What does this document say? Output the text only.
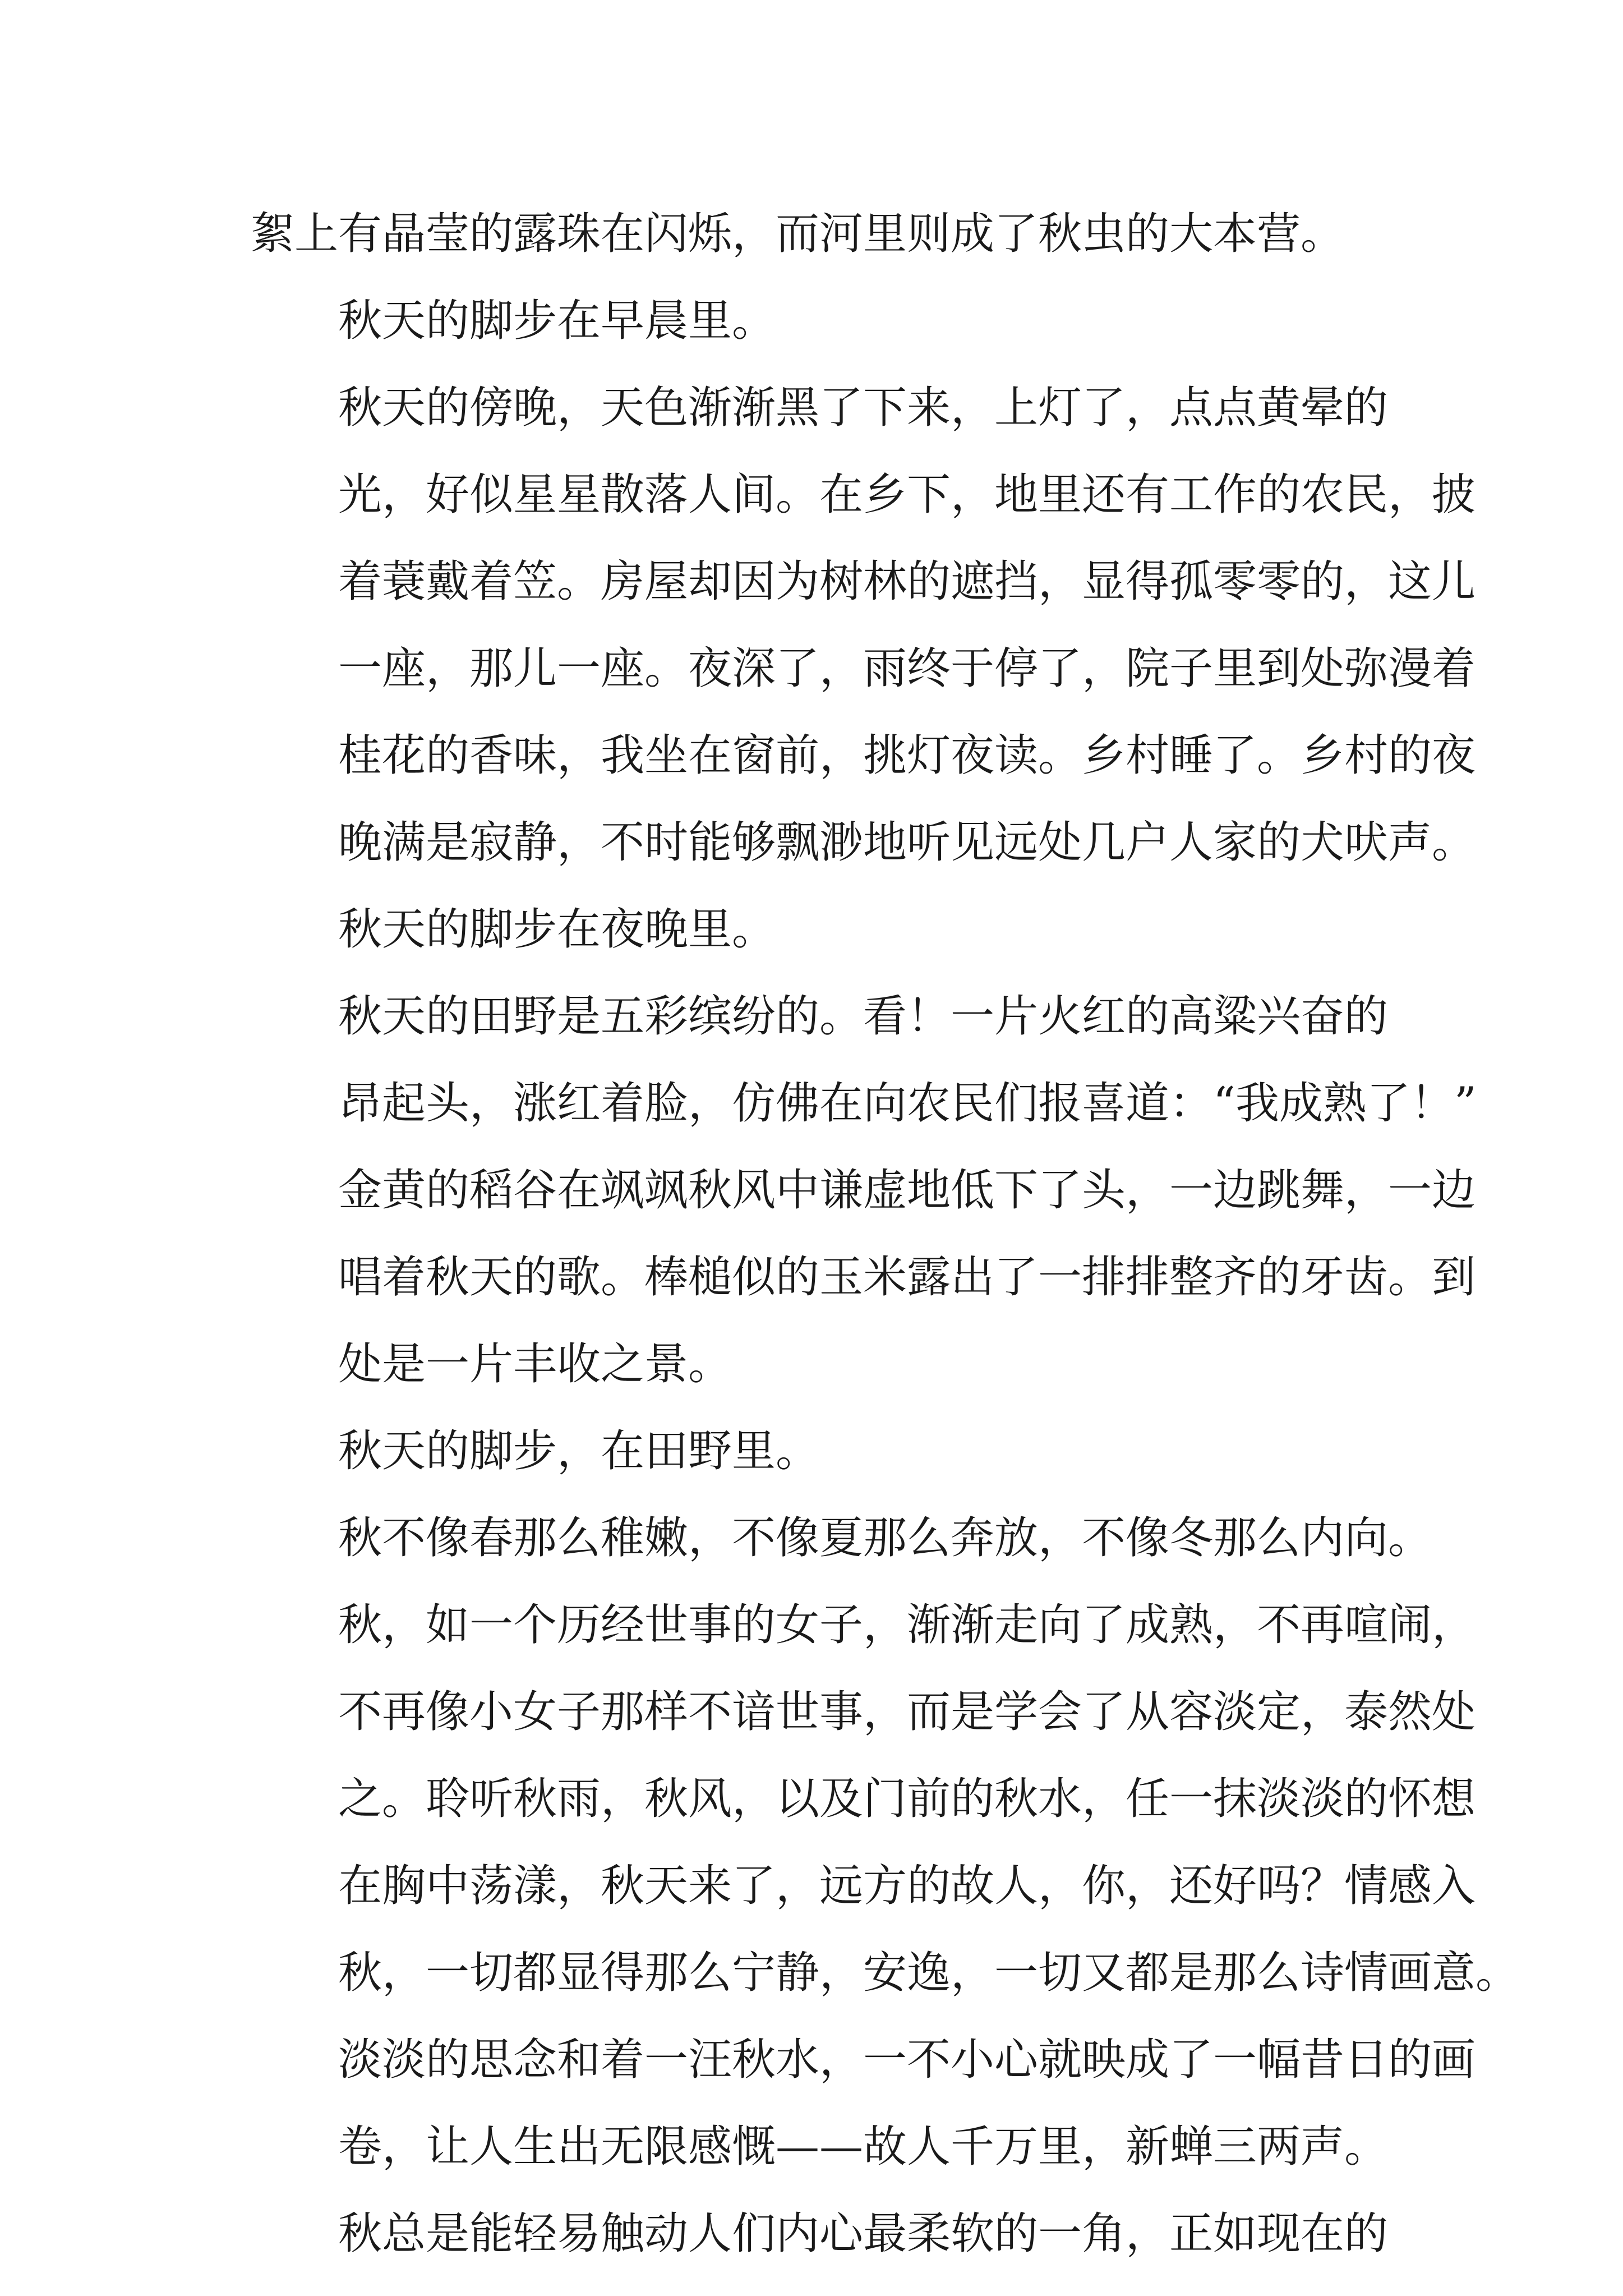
絮上有晶莹的露珠在闪烁，而河里则成了秋虫的大本营。
秋天的脚步在早晨里。
秋天的傍晚，天色渐渐黑了下来，上灯了，点点黄晕的
光，好似星星散落人间。在乡下，地里还有工作的农民，披
着蓑戴着笠。房屋却因为树林的遮挡，显得孤零零的，这儿
一座，那儿一座。夜深了，雨终于停了，院子里到处弥漫着
桂花的香味，我坐在窗前，挑灯夜读。乡村睡了。乡村的夜
晚满是寂静，不时能够飘渺地听见远处几户人家的犬吠声。
秋天的脚步在夜晚里。
秋天的田野是五彩缤纷的。看！一片火红的高粱兴奋的
昂起头，涨红着脸，仿佛在向农民们报喜道：“我成熟了！”
金黄的稻谷在飒飒秋风中谦虚地低下了头，一边跳舞，一边
唱着秋天的歌。棒槌似的玉米露出了一排排整齐的牙齿。到
处是一片丰收之景。
秋天的脚步，在田野里。
秋不像春那么稚嫩，不像夏那么奔放，不像冬那么内向。
秋，如一个历经世事的女子，渐渐走向了成熟，不再喧闹，
不再像小女子那样不谙世事，而是学会了从容淡定，泰然处
之。聆听秋雨，秋风，以及门前的秋水，任一抹淡淡的怀想
在胸中荡漾，秋天来了，远方的故人，你，还好吗？情感入
秋，一切都显得那么宁静，安逸，一切又都是那么诗情画意。
淡淡的思念和着一汪秋水，一不小心就映成了一幅昔日的画
卷，让人生出无限感慨——故人千万里，新蝉三两声。
秋总是能轻易触动人们内心最柔软的一角，正如现在的
